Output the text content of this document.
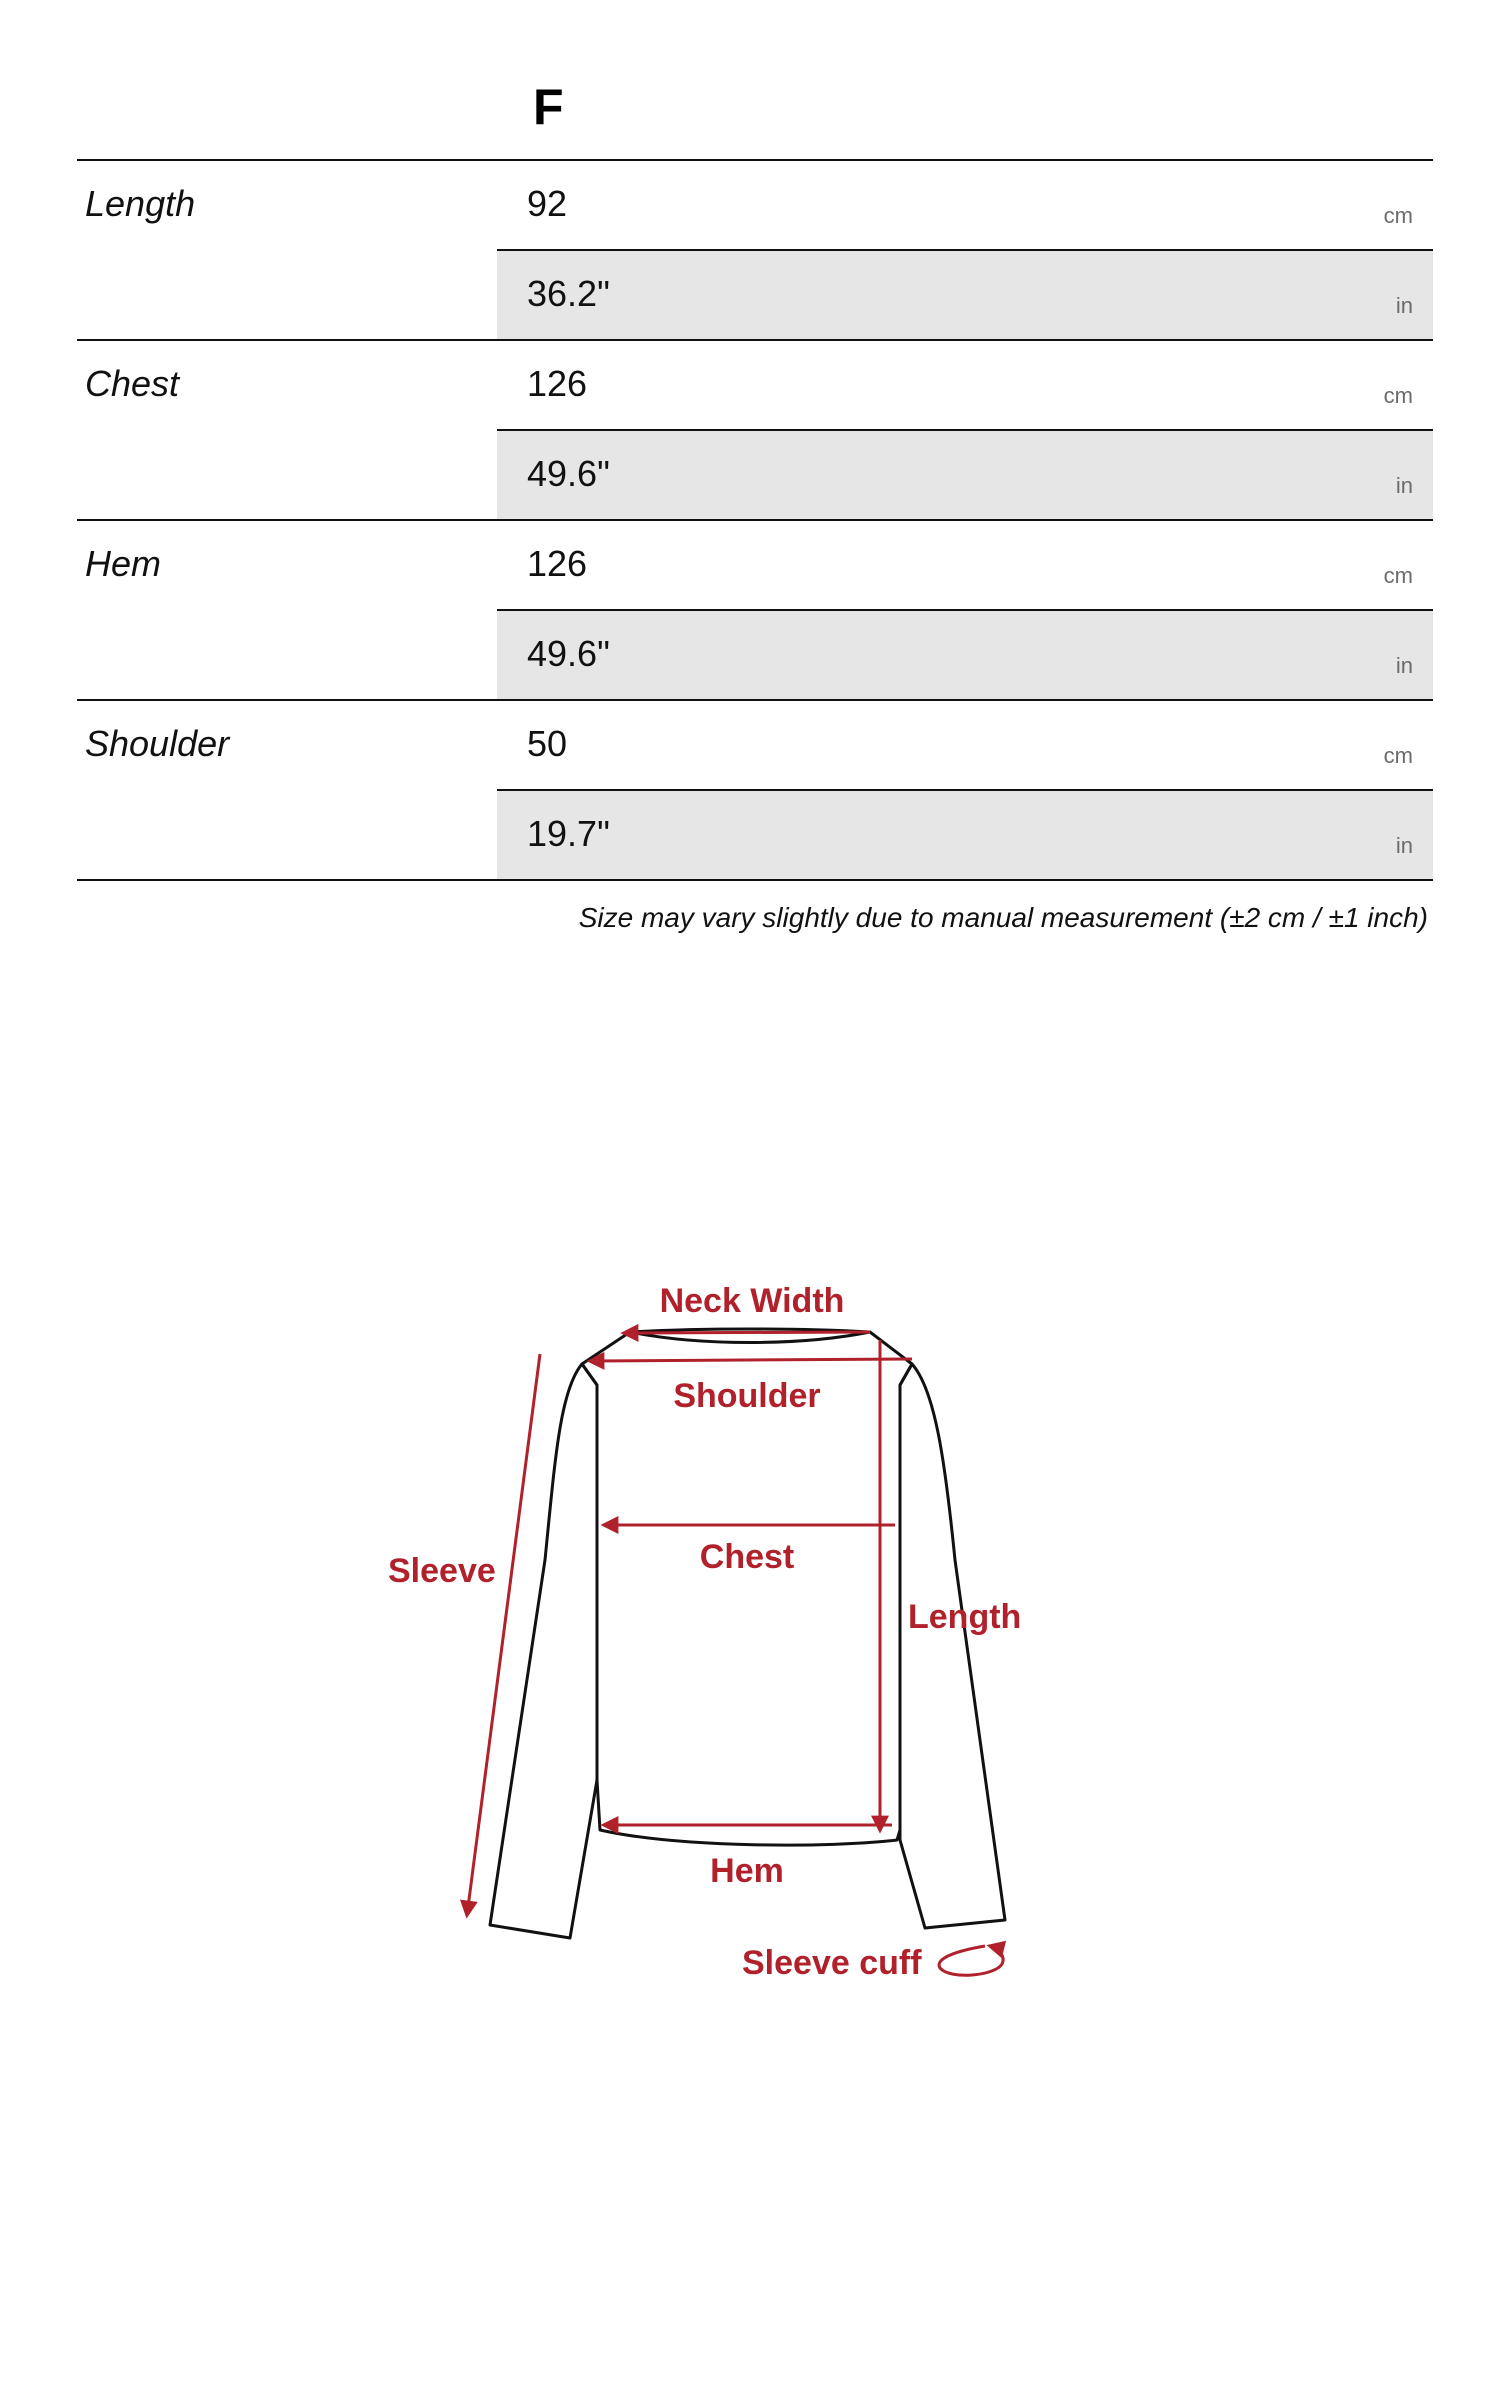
F
Length	92	cm
36.2"	in
Chest	126	cm
49.6"	in
Hem	126	cm
49.6"	in
Shoulder	50	cm
19.7"	in
Size may vary slightly due to manual measurement (±2 cm / ±1 inch)
Neck Width
Shoulder
Chest
Length
Sleeve
Hem
Sleeve cuff
